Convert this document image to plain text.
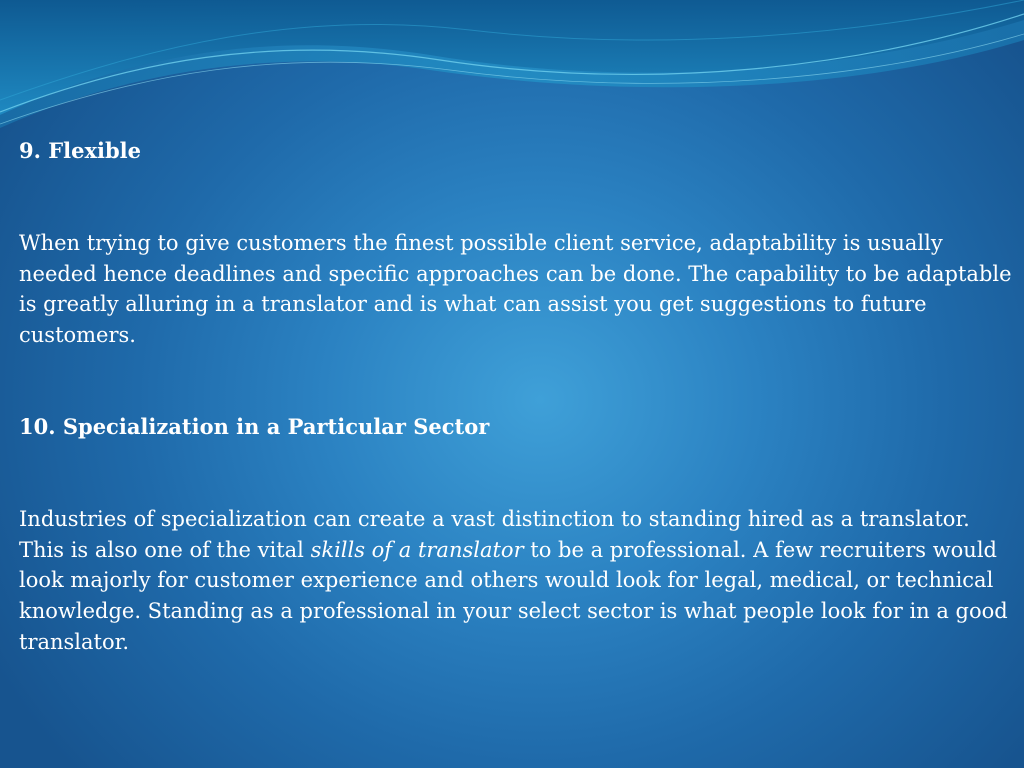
9. Flexible

When trying to give customers the finest possible client service, adaptability is usually needed hence deadlines and specific approaches can be done. The capability to be adaptable is greatly alluring in a translator and is what can assist you get suggestions to future customers.

10. Specialization in a Particular Sector

Industries of specialization can create a vast distinction to standing hired as a translator. This is also one of the vital skills of a translator to be a professional. A few recruiters would look majorly for customer experience and others would look for legal, medical, or technical knowledge. Standing as a professional in your select sector is what people look for in a good translator.
